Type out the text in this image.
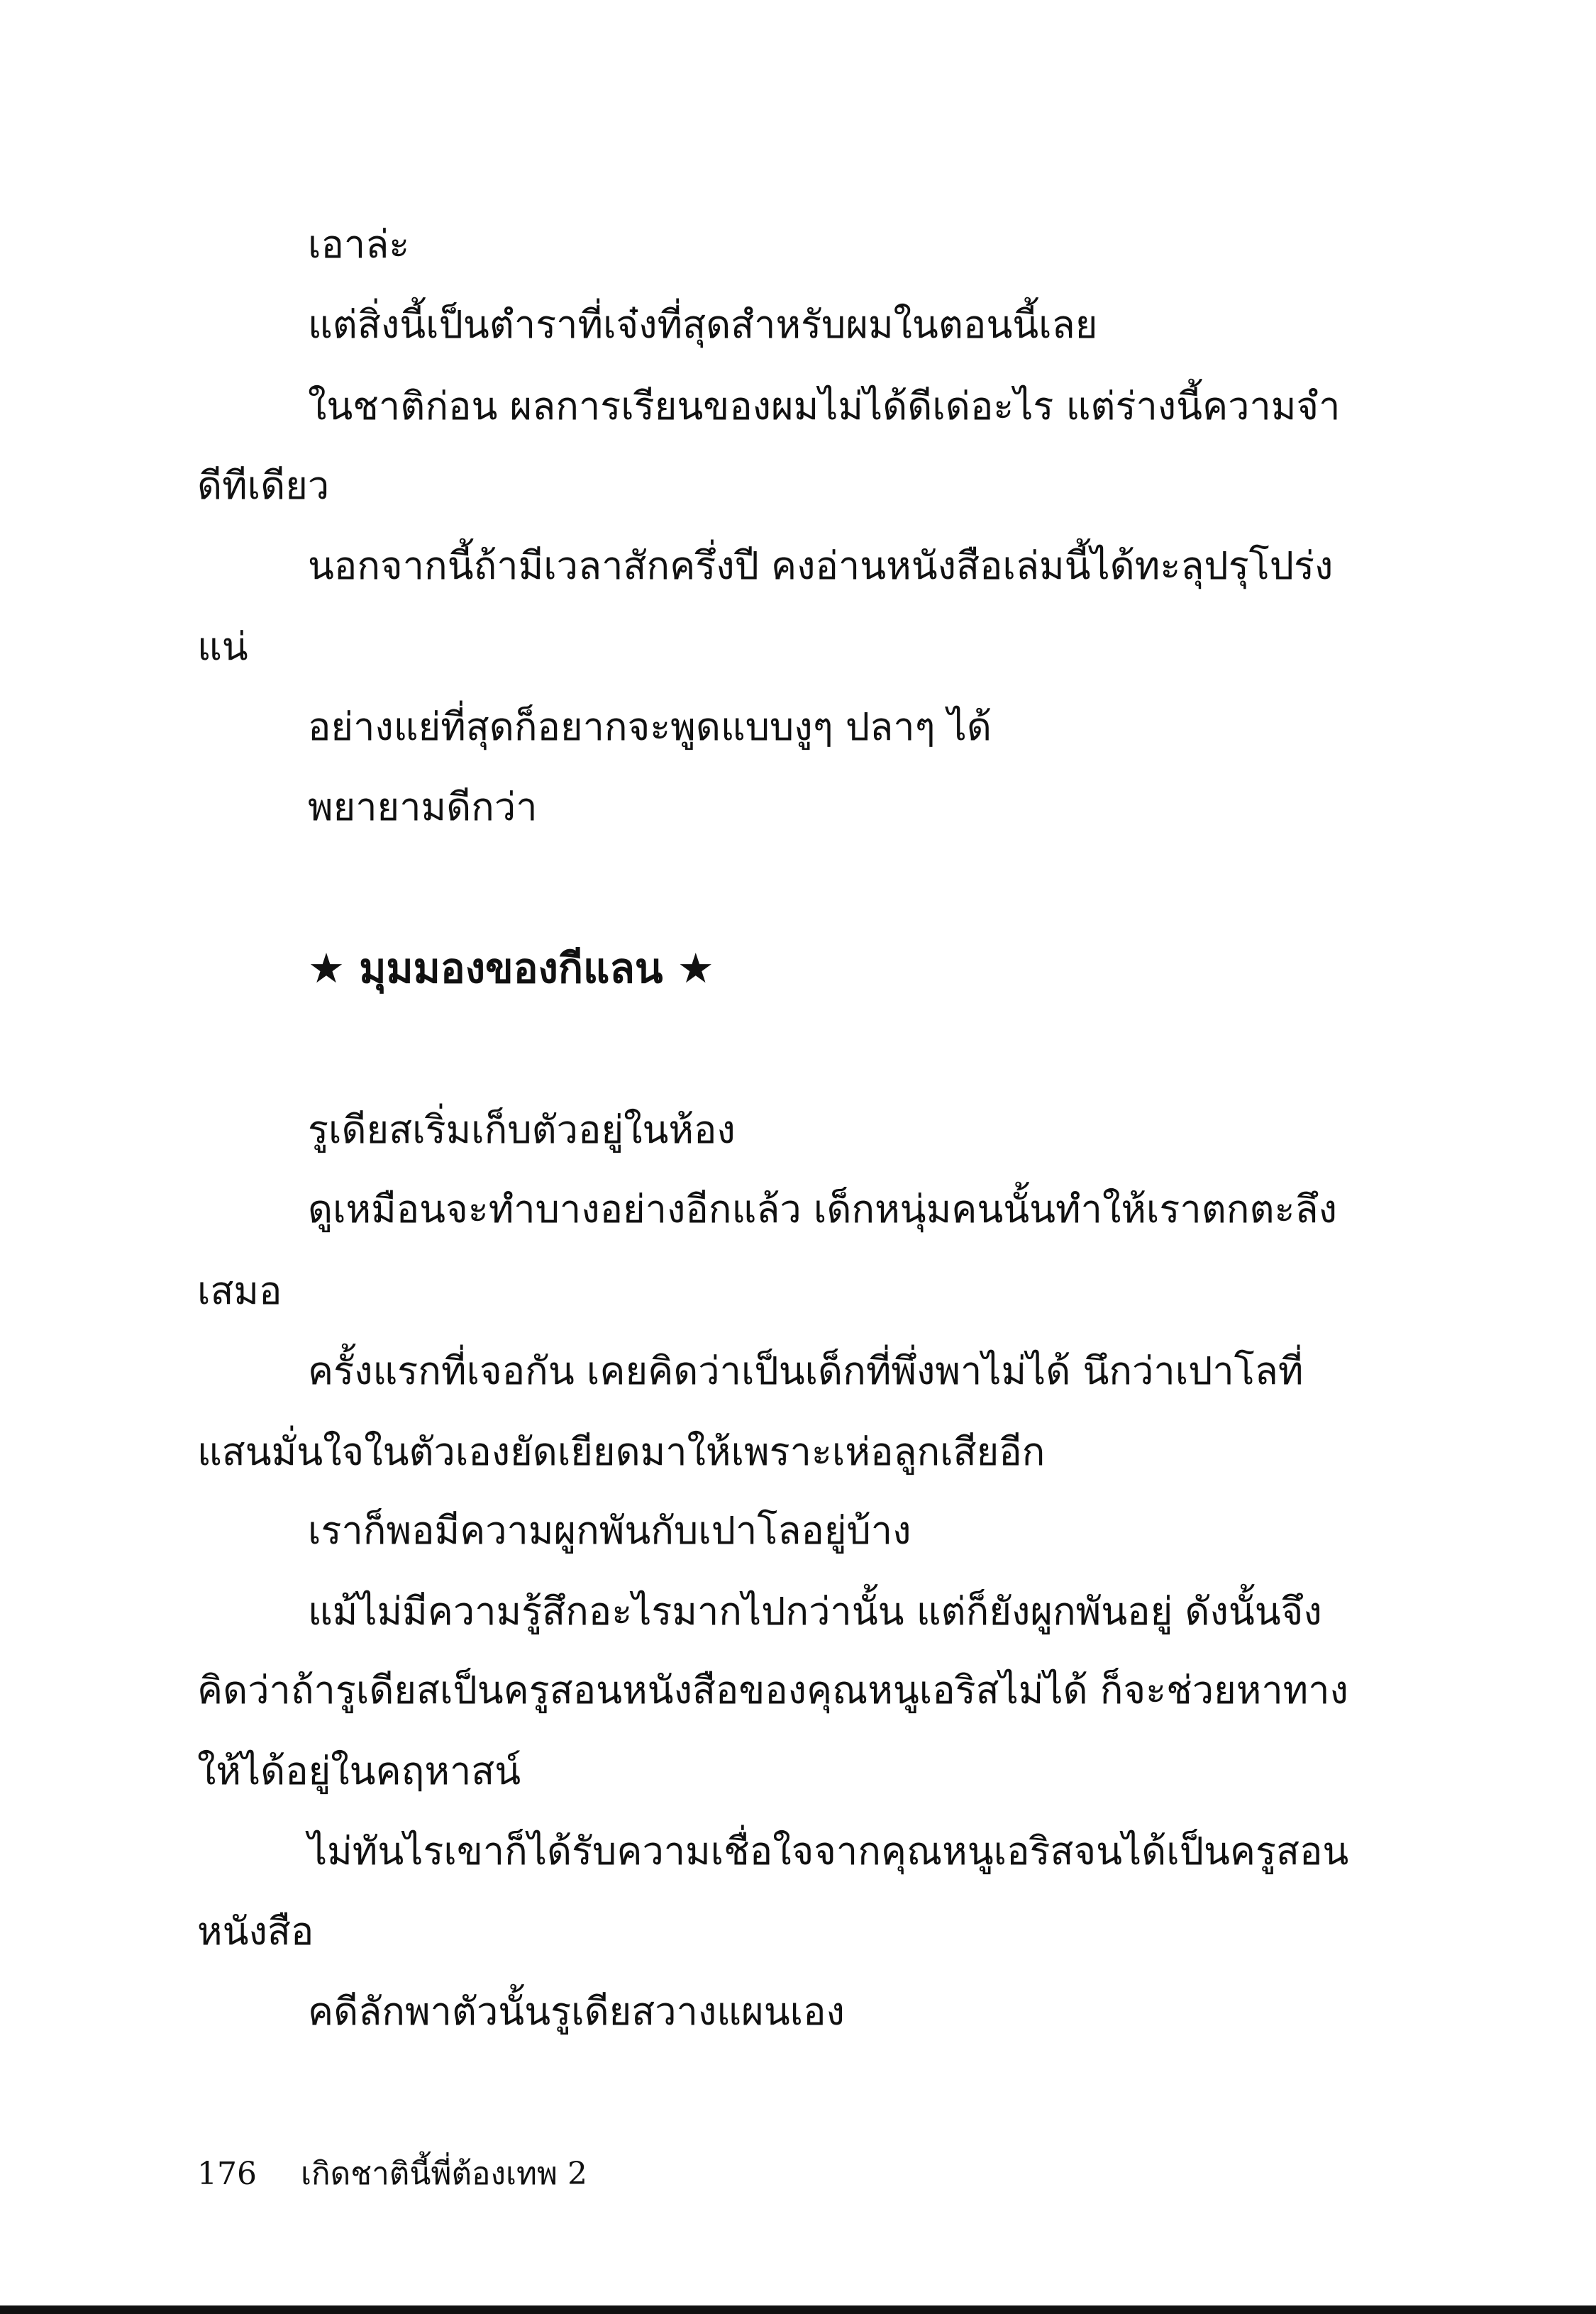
เอาล่ะ

แต่สิ่งนี้เป็นตำราที่เจ๋งที่สุดสำหรับผมในตอนนี้เลย

ในชาติก่อน ผลการเรียนของผมไม่ได้ดีเด่อะไร แต่ร่างนี้ความจำ

ดีทีเดียว

นอกจากนี้ถ้ามีเวลาสักครึ่งปี คงอ่านหนังสือเล่มนี้ได้ทะลุปรุโปร่ง

แน่

อย่างแย่ที่สุดก็อยากจะพูดแบบงูๆ ปลาๆ ได้

พยายามดีกว่า

★ มุมมองของกีแลน ★

รูเดียสเริ่มเก็บตัวอยู่ในห้อง

ดูเหมือนจะทำบางอย่างอีกแล้ว เด็กหนุ่มคนนั้นทำให้เราตกตะลึง

เสมอ

ครั้งแรกที่เจอกัน เคยคิดว่าเป็นเด็กที่พึ่งพาไม่ได้ นึกว่าเปาโลที่

แสนมั่นใจในตัวเองยัดเยียดมาให้เพราะเห่อลูกเสียอีก

เราก็พอมีความผูกพันกับเปาโลอยู่บ้าง

แม้ไม่มีความรู้สึกอะไรมากไปกว่านั้น แต่ก็ยังผูกพันอยู่ ดังนั้นจึง

คิดว่าถ้ารูเดียสเป็นครูสอนหนังสือของคุณหนูเอริสไม่ได้ ก็จะช่วยหาทาง

ให้ได้อยู่ในคฤหาสน์

ไม่ทันไรเขาก็ได้รับความเชื่อใจจากคุณหนูเอริสจนได้เป็นครูสอน

หนังสือ

คดีลักพาตัวนั้นรูเดียสวางแผนเอง

176 เกิดชาตินี้พี่ต้องเทพ 2
